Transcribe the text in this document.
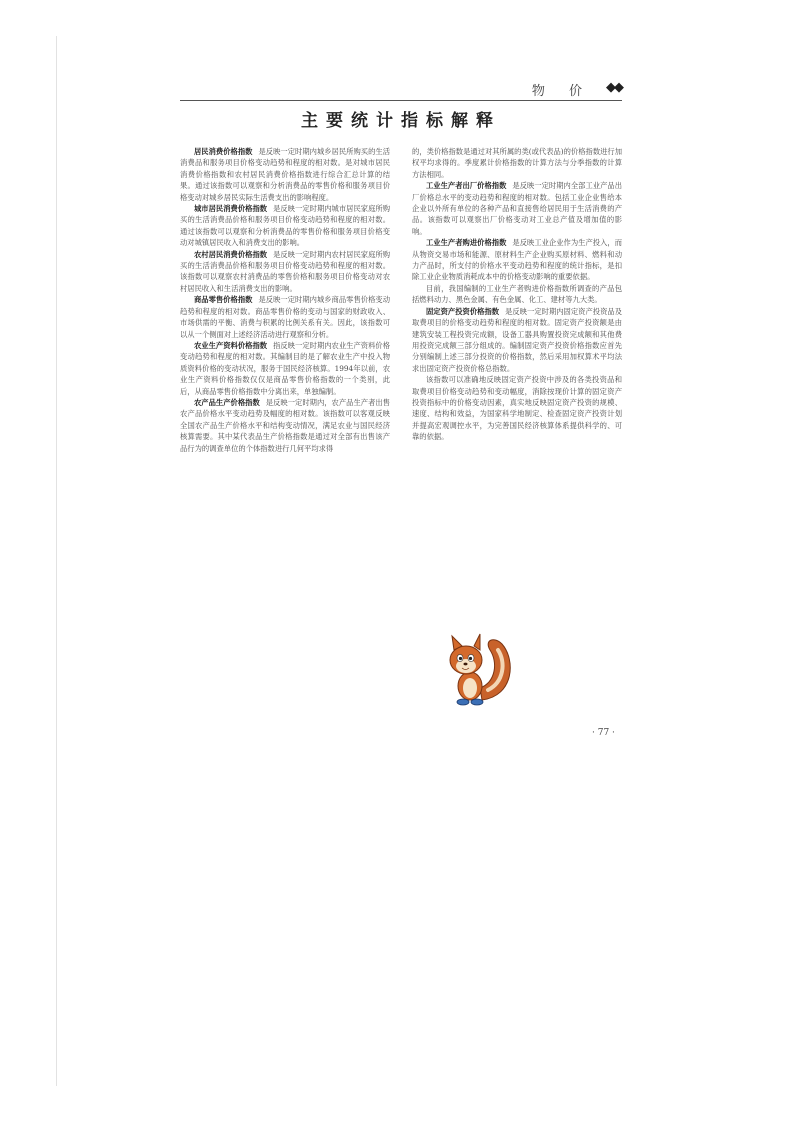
物 价 ◆◆
主要统计指标解释

居民消费价格指数 是反映一定时期内城乡居民所购买的生活消费品和服务项目价格变动趋势和程度的相对数。是对城市居民消费价格指数和农村居民消费价格指数进行综合汇总计算的结果。通过该指数可以观察和分析消费品的零售价格和服务项目价格变动对城乡居民实际生活费支出的影响程度。

城市居民消费价格指数 是反映一定时期内城市居民家庭所购买的生活消费品价格和服务项目价格变动趋势和程度的相对数。通过该指数可以观察和分析消费品的零售价格和服务项目价格变动对城镇居民收入和消费支出的影响。

农村居民消费价格指数 是反映一定时期内农村居民家庭所购买的生活消费品价格和服务项目价格变动趋势和程度的相对数。该指数可以观察农村消费品的零售价格和服务项目价格变动对农村居民收入和生活消费支出的影响。

商品零售价格指数 是反映一定时期内城乡商品零售价格变动趋势和程度的相对数。商品零售价格的变动与国家的财政收入、市场供需的平衡、消费与积累的比例关系有关。因此，该指数可以从一个侧面对上述经济活动进行观察和分析。

农业生产资料价格指数 指反映一定时期内农业生产资料价格变动趋势和程度的相对数。其编制目的是了解农业生产中投入物质资料价格的变动状况，服务于国民经济核算。1994年以前，农业生产资料价格指数仅仅是商品零售价格指数的一个类别，此后，从商品零售价格指数中分离出来，单独编制。

农产品生产价格指数 是反映一定时期内，农产品生产者出售农产品价格水平变动趋势及幅度的相对数。该指数可以客观反映全国农产品生产价格水平和结构变动情况，满足农业与国民经济核算需要。其中某代表品生产价格指数是通过对全部有出售该产品行为的调查单位的个体指数进行几何平均求得

的，类价格指数是通过对其所属的类(或代表品)的价格指数进行加权平均求得的。季度累计价格指数的计算方法与分季指数的计算方法相同。

工业生产者出厂价格指数 是反映一定时期内全部工业产品出厂价格总水平的变动趋势和程度的相对数。包括工业企业售给本企业以外所有单位的各种产品和直接售给居民用于生活消费的产品。该指数可以观察出厂价格变动对工业总产值及增加值的影响。

工业生产者购进价格指数 是反映工业企业作为生产投入，而从物资交易市场和能源、原材料生产企业购买原材料、燃料和动力产品时，所支付的价格水平变动趋势和程度的统计指标，是扣除工业企业物质消耗成本中的价格变动影响的重要依据。

目前，我国编制的工业生产者购进价格指数所调查的产品包括燃料动力、黑色金属、有色金属、化工、建材等九大类。

固定资产投资价格指数 是反映一定时期内固定资产投资品及取费项目的价格变动趋势和程度的相对数。固定资产投资额是由建筑安装工程投资完成额，设备工器具购置投资完成额和其他费用投资完成额三部分组成的。编制固定资产投资价格指数应首先分别编制上述三部分投资的价格指数，然后采用加权算术平均法求出固定资产投资价格总指数。

该指数可以准确地反映固定资产投资中涉及的各类投资品和取费项目价格变动趋势和变动幅度，消除按现价计算的固定资产投资指标中的价格变动因素，真实地反映固定资产投资的规模、速度、结构和效益，为国家科学地制定、检查固定资产投资计划并提高宏观调控水平，为完善国民经济核算体系提供科学的、可靠的依据。

· 77 ·
